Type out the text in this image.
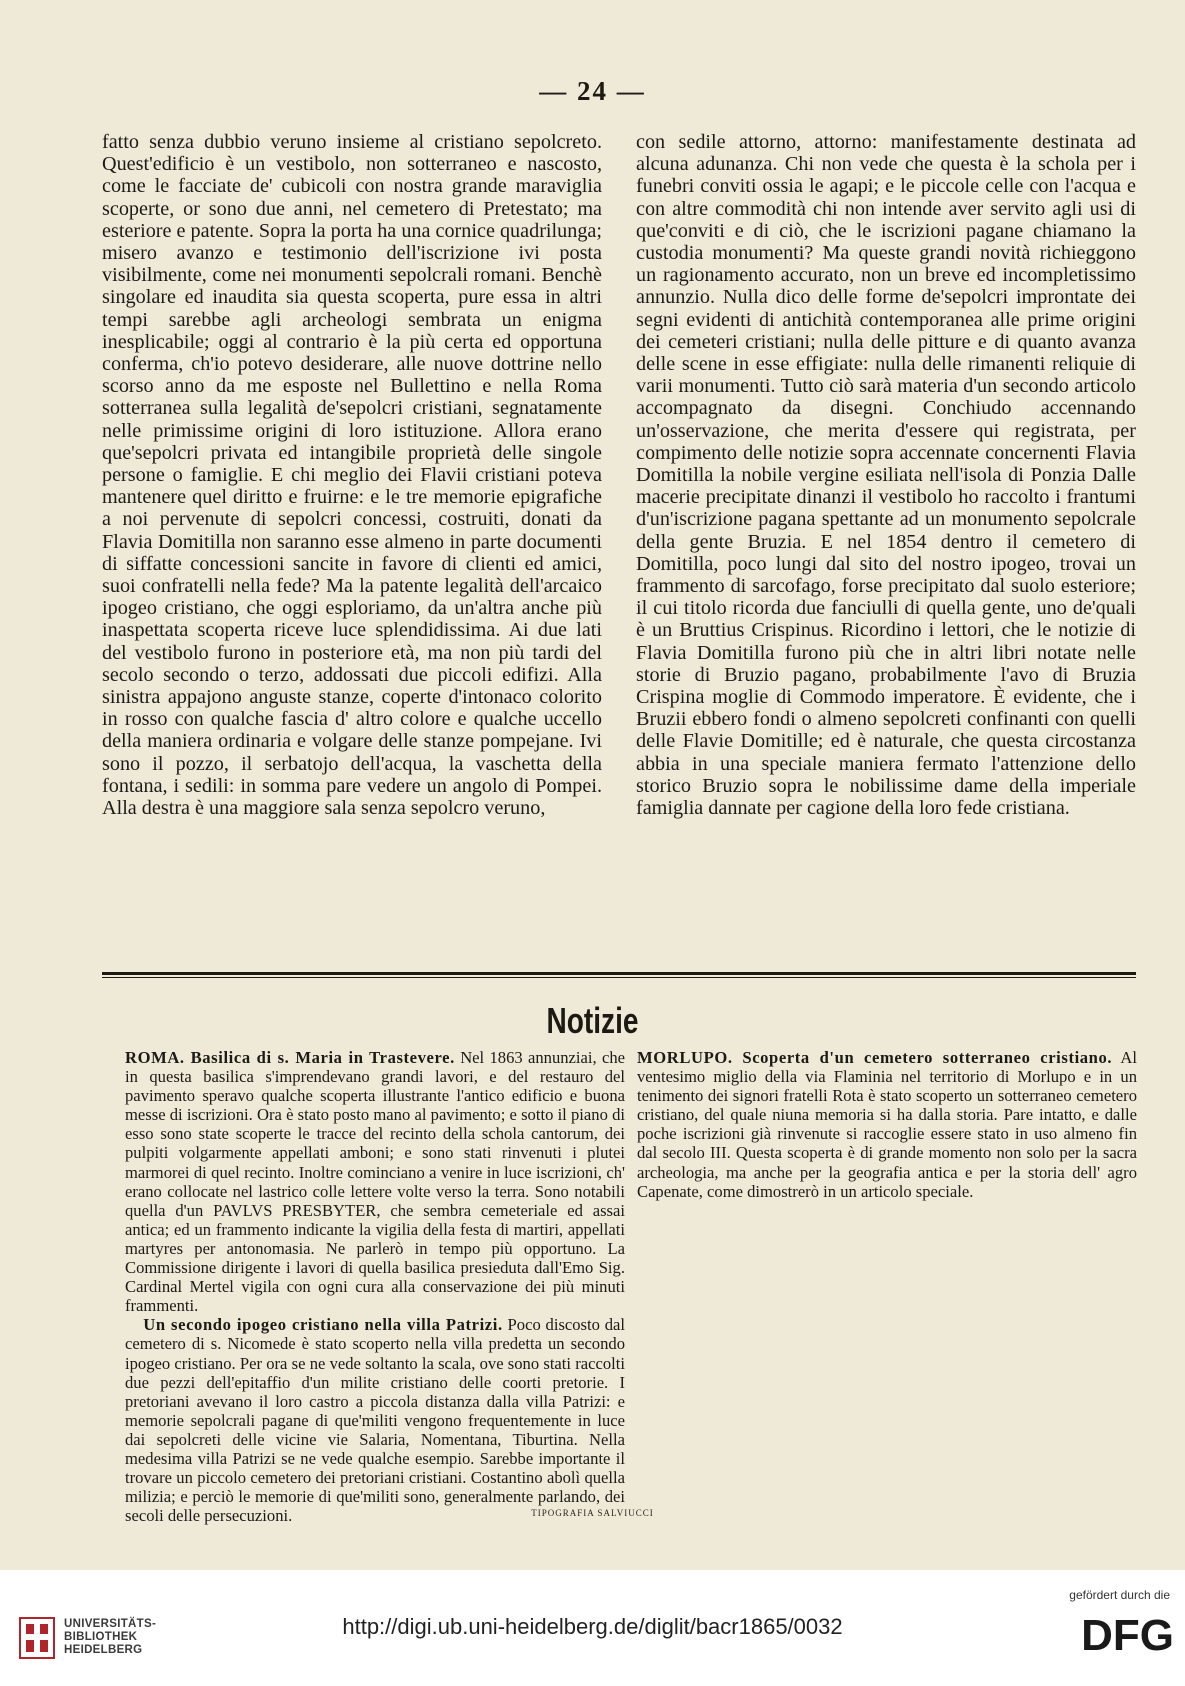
— 24 —

fatto senza dubbio veruno insieme al cristiano sepolcreto. Quest'edificio è un vestibolo, non sotterraneo e nascosto, come le facciate de' cubicoli con nostra grande maraviglia scoperte, or sono due anni, nel cemetero di Pretestato; ma esteriore e patente. Sopra la porta ha una cornice quadrilunga; misero avanzo e testimonio dell'iscrizione ivi posta visibilmente, come nei monumenti sepolcrali romani. Benchè singolare ed inaudita sia questa scoperta, pure essa in altri tempi sarebbe agli archeologi sembrata un enigma inesplicabile; oggi al contrario è la più certa ed opportuna conferma, ch'io potevo desiderare, alle nuove dottrine nello scorso anno da me esposte nel Bullettino e nella Roma sotterranea sulla legalità de'sepolcri cristiani, segnatamente nelle primissime origini di loro istituzione. Allora erano que'sepolcri privata ed intangibile proprietà delle singole persone o famiglie. E chi meglio dei Flavii cristiani poteva mantenere quel diritto e fruirne: e le tre memorie epigrafiche a noi pervenute di sepolcri concessi, costruiti, donati da Flavia Domitilla non saranno esse almeno in parte documenti di siffatte concessioni sancite in favore di clienti ed amici, suoi confratelli nella fede? Ma la patente legalità dell'arcaico ipogeo cristiano, che oggi esploriamo, da un'altra anche più inaspettata scoperta riceve luce splendidissima. Ai due lati del vestibolo furono in posteriore età, ma non più tardi del secolo secondo o terzo, addossati due piccoli edifizi. Alla sinistra appajono anguste stanze, coperte d'intonaco colorito in rosso con qualche fascia d' altro colore e qualche uccello della maniera ordinaria e volgare delle stanze pompejane. Ivi sono il pozzo, il serbatojo dell'acqua, la vaschetta della fontana, i sedili: in somma pare vedere un angolo di Pompei. Alla destra è una maggiore sala senza sepolcro veruno,

con sedile attorno, attorno: manifestamente destinata ad alcuna adunanza. Chi non vede che questa è la schola per i funebri conviti ossia le agapi; e le piccole celle con l'acqua e con altre commodità chi non intende aver servito agli usi di que'conviti e di ciò, che le iscrizioni pagane chiamano la custodia monumenti? Ma queste grandi novità richieggono un ragionamento accurato, non un breve ed incompletissimo annunzio. Nulla dico delle forme de'sepolcri improntate dei segni evidenti di antichità contemporanea alle prime origini dei cemeteri cristiani; nulla delle pitture e di quanto avanza delle scene in esse effigiate: nulla delle rimanenti reliquie di varii monumenti. Tutto ciò sarà materia d'un secondo articolo accompagnato da disegni. Conchiudo accennando un'osservazione, che merita d'essere qui registrata, per compimento delle notizie sopra accennate concernenti Flavia Domitilla la nobile vergine esiliata nell'isola di Ponzia Dalle macerie precipitate dinanzi il vestibolo ho raccolto i frantumi d'un'iscrizione pagana spettante ad un monumento sepolcrale della gente Bruzia. E nel 1854 dentro il cemetero di Domitilla, poco lungi dal sito del nostro ipogeo, trovai un frammento di sarcofago, forse precipitato dal suolo esteriore; il cui titolo ricorda due fanciulli di quella gente, uno de'quali è un Bruttius Crispinus. Ricordino i lettori, che le notizie di Flavia Domitilla furono più che in altri libri notate nelle storie di Bruzio pagano, probabilmente l'avo di Bruzia Crispina moglie di Commodo imperatore. È evidente, che i Bruzii ebbero fondi o almeno sepolcreti confinanti con quelli delle Flavie Domitille; ed è naturale, che questa circostanza abbia in una speciale maniera fermato l'attenzione dello storico Bruzio sopra le nobilissime dame della imperiale famiglia dannate per cagione della loro fede cristiana.

Notizie

ROMA. Basilica di s. Maria in Trastevere. Nel 1863 annunziai, che in questa basilica s'imprendevano grandi lavori, e del restauro del pavimento speravo qualche scoperta illustrante l'antico edificio e buona messe di iscrizioni. Ora è stato posto mano al pavimento; e sotto il piano di esso sono state scoperte le tracce del recinto della schola cantorum, dei pulpiti volgarmente appellati amboni; e sono stati rinvenuti i plutei marmorei di quel recinto. Inoltre cominciano a venire in luce iscrizioni, ch' erano collocate nel lastrico colle lettere volte verso la terra. Sono notabili quella d'un PAVLVS PRESBYTER, che sembra cemeteriale ed assai antica; ed un frammento indicante la vigilia della festa di martiri, appellati martyres per antonomasia. Ne parlerò in tempo più opportuno. La Commissione dirigente i lavori di quella basilica presieduta dall'Emo Sig. Cardinal Mertel vigila con ogni cura alla conservazione dei più minuti frammenti.

Un secondo ipogeo cristiano nella villa Patrizi. Poco discosto dal cemetero di s. Nicomede è stato scoperto nella villa predetta un secondo ipogeo cristiano. Per ora se ne vede soltanto la scala, ove sono stati raccolti due pezzi dell'epitaffio d'un milite cristiano delle coorti pretorie. I pretoriani avevano il loro castro a piccola distanza dalla villa Patrizi: e memorie sepolcrali pagane di que'militi vengono frequentemente in luce dai sepolcreti delle vicine vie Salaria, Nomentana, Tiburtina. Nella medesima villa Patrizi se ne vede qualche esempio. Sarebbe importante il trovare un piccolo cemetero dei pretoriani cristiani. Costantino abolì quella milizia; e perciò le memorie di que'militi sono, generalmente parlando, dei secoli delle persecuzioni.

MORLUPO. Scoperta d'un cemetero sotterraneo cristiano. Al ventesimo miglio della via Flaminia nel territorio di Morlupo e in un tenimento dei signori fratelli Rota è stato scoperto un sotterraneo cemetero cristiano, del quale niuna memoria si ha dalla storia. Pare intatto, e dalle poche iscrizioni già rinvenute si raccoglie essere stato in uso almeno fin dal secolo III. Questa scoperta è di grande momento non solo per la sacra archeologia, ma anche per la geografia antica e per la storia dell' agro Capenate, come dimostrerò in un articolo speciale.

TIPOGRAFIA SALVIUCCI
UNIVERSITÄTS-
BIBLIOTHEK
HEIDELBERG
http://digi.ub.uni-heidelberg.de/diglit/bacr1865/0032
gefördert durch die
DFG
